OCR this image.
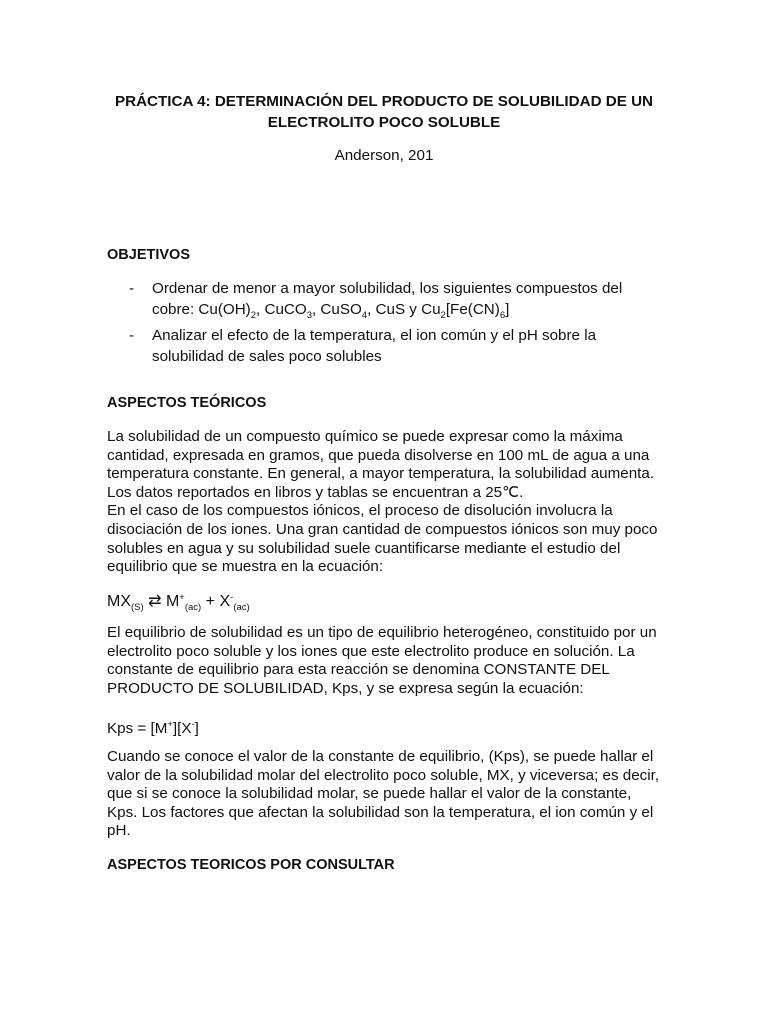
PRÁCTICA 4: DETERMINACIÓN DEL PRODUCTO DE SOLUBILIDAD DE UN
ELECTROLITO POCO SOLUBLE
Anderson, 201
OBJETIVOS
- Ordenar de menor a mayor solubilidad, los siguientes compuestos del
cobre: $Cu(OH)_2$, CuCO$_3$, CuSO$_4$, CuS y $Cu_2[Fe(CN)_6]$
- Analizar el efecto de la temperatura, el ion común y el pH sobre la
solubilidad de sales poco solubles
ASPECTOS TEÓRICOS

La solubilidad de un compuesto químico se puede expresar como la máxima
cantidad, expresada en gramos, que pueda disolverse en 100 mL de agua a una
temperatura constante. En general, a mayor temperatura, la solubilidad aumenta.
Los datos reportados en libros y tablas se encuentran a 25℃.
En el caso de los compuestos iónicos, el proceso de disolución involucra la
disociación de los iones. Una gran cantidad de compuestos iónicos son muy poco
solubles en agua y su solubilidad suele cuantificarse mediante el estudio del
equilibrio que se muestra en la ecuación:

$MX_{(S)}$ ⇄ $M^+_{(ac)} + X^-_{(ac)}$

El equilibrio de solubilidad es un tipo de equilibrio heterogéneo, constituido por un
electrolito poco soluble y los iones que este electrolito produce en solución. La
constante de equilibrio para esta reacción se denomina CONSTANTE DEL
PRODUCTO DE SOLUBILIDAD, Kps, y se expresa según la ecuación:

Kps = [M+][X-]

Cuando se conoce el valor de la constante de equilibrio, (Kps), se puede hallar el
valor de la solubilidad molar del electrolito poco soluble, MX, y viceversa; es decir,
que si se conoce la solubilidad molar, se puede hallar el valor de la constante,
Kps. Los factores que afectan la solubilidad son la temperatura, el ion común y el
pH.

ASPECTOS TEORICOS POR CONSULTAR
